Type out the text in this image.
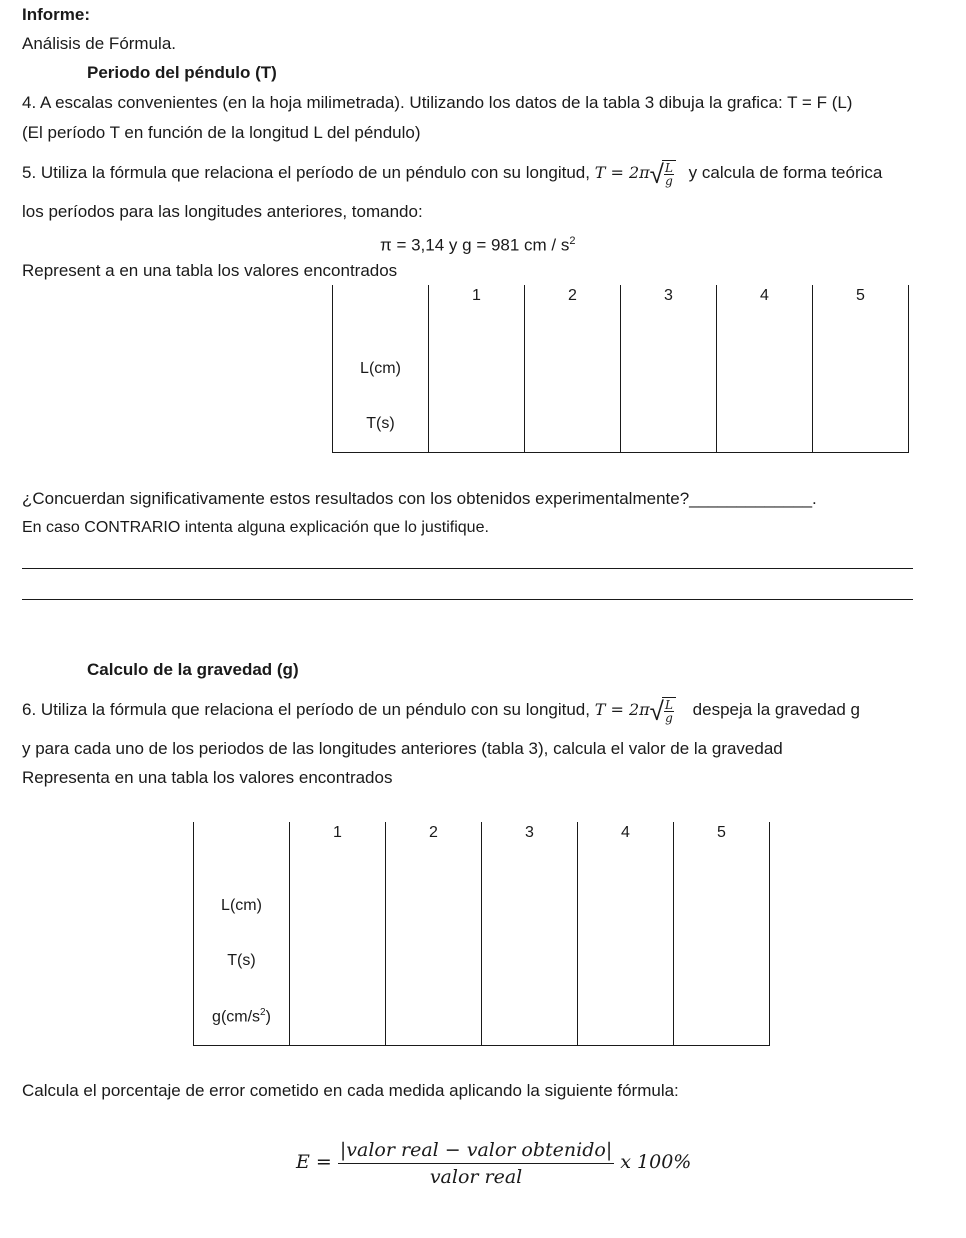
Informe:
Análisis de Fórmula.
Periodo del péndulo (T)
4. A escalas convenientes (en la hoja milimetrada). Utilizando los datos de la tabla 3 dibuja la grafica: T = F (L)
(El período T en función de la longitud L del péndulo)
5. Utiliza la fórmula que relaciona el período de un péndulo con su longitud, T = 2π √ $\frac{L}{g}$ y calcula de forma teórica
los períodos para las longitudes anteriores, tomando:
π = 3,14 y g = 981 cm / $s^2$
Represent a en una tabla los valores encontrados
	1	2	3	4	5
L(cm)					
T(s)					
¿Concuerdan significativamente estos resultados con los obtenidos experimentalmente?_____________.
En caso CONTRARIO intenta alguna explicación que lo justifique.
Calculo de la gravedad (g)
6. Utiliza la fórmula que relaciona el período de un péndulo con su longitud, T = 2π √ $\frac{L}{g}$ despeja la gravedad g
y para cada uno de los periodos de las longitudes anteriores (tabla 3), calcula el valor de la gravedad
Representa en una tabla los valores encontrados
	1	2	3	4	5
L(cm)					
T(s)					
$g(cm/s^2)$					
Calcula el porcentaje de error cometido en cada medida aplicando la siguiente fórmula:
E =
|valor real − valor obtenido|
valor real
x 100%
